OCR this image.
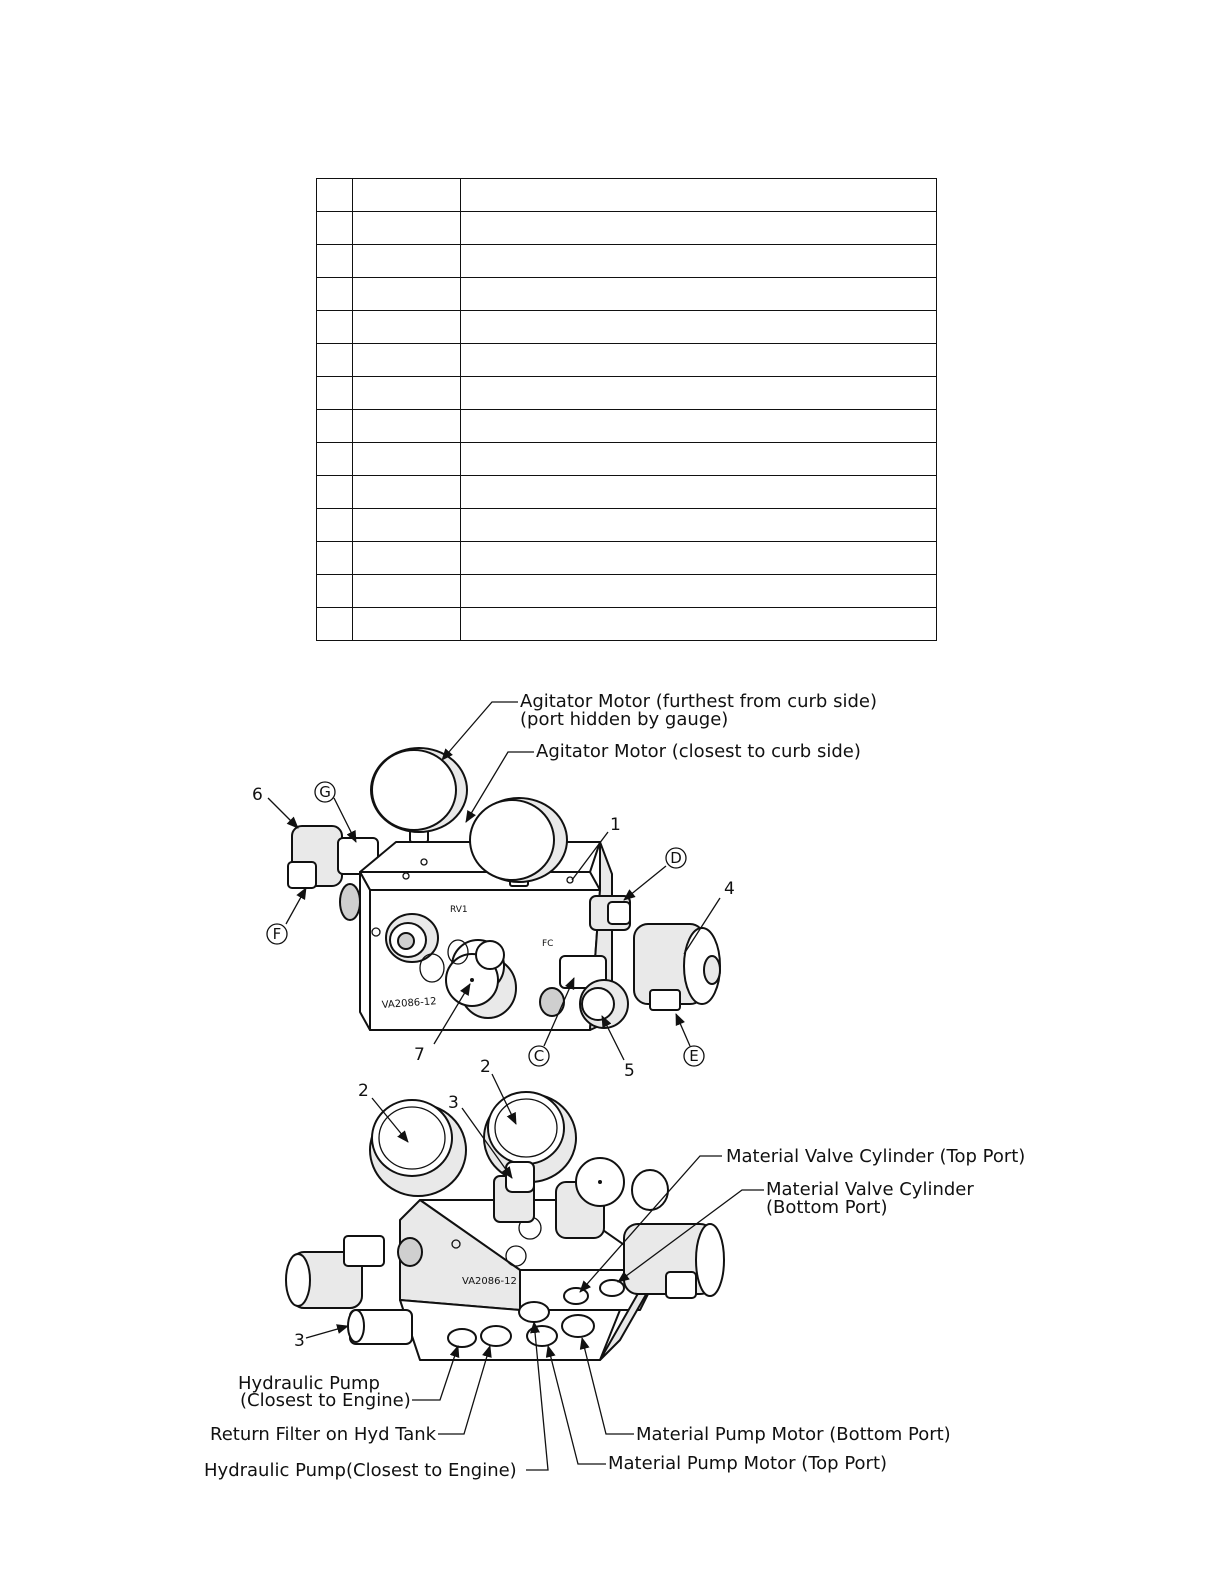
VA2086-12
RV1
FC
Agitator Motor (furthest from curb side)
(port hidden by gauge)
Agitator Motor (closest to curb side)
1
4
5
6
7
G
F
D
C	E
VA2086-12
2
2
3
3
Material Valve Cylinder (Top Port)
Material Valve Cylinder
(Bottom Port)
Hydraulic Pump
(Closest to Engine)
Return Filter on Hyd Tank
Hydraulic Pump(Closest to Engine)
Material Pump Motor (Bottom Port)
Material Pump Motor (Top Port)
